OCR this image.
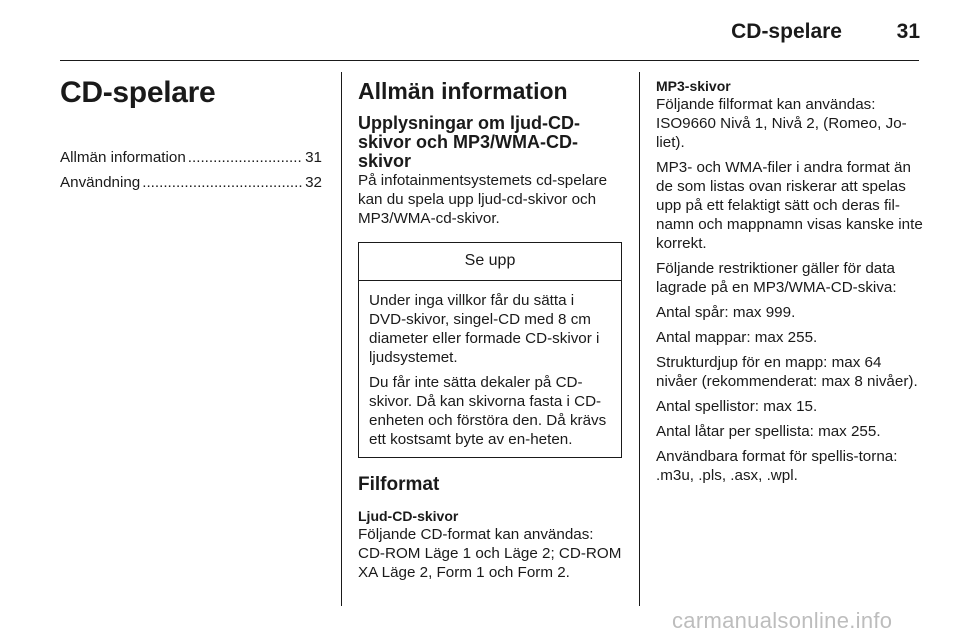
CD-spelare	31
CD-spelare
Allmän information .....	31
Användning .....	32
Allmän information
Upplysningar om ljud-CD-skivor och MP3/WMA-CD-skivor

På infotainmentsystemets cd-spelare kan du spela upp ljud-cd-skivor och MP3/WMA-cd-skivor.

Se upp

Under inga villkor får du sätta i DVD-skivor, singel-CD med 8 cm diameter eller formade CD-skivor i ljudsystemet.

Du får inte sätta dekaler på CD-skivor. Då kan skivorna fasta i CD-enheten och förstöra den. Då krävs ett kostsamt byte av en-heten.

Filformat
Ljud-CD-skivor

Följande CD-format kan användas: CD-ROM Läge 1 och Läge 2; CD-ROM XA Läge 2, Form 1 och Form 2.

MP3-skivor

Följande filformat kan användas: ISO9660 Nivå 1, Nivå 2, (Romeo, Jo-liet).

MP3- och WMA-filer i andra format än de som listas ovan riskerar att spelas upp på ett felaktigt sätt och deras fil-namn och mappnamn visas kanske inte korrekt.

Följande restriktioner gäller för data lagrade på en MP3/WMA-CD-skiva:

Antal spår: max 999.

Antal mappar: max 255.

Strukturdjup för en mapp: max 64 nivåer (rekommenderat: max 8 nivåer).

Antal spellistor: max 15.

Antal låtar per spellista: max 255.

Användbara format för spellis-torna: .m3u, .pls, .asx, .wpl.

carmanualsonline.info
